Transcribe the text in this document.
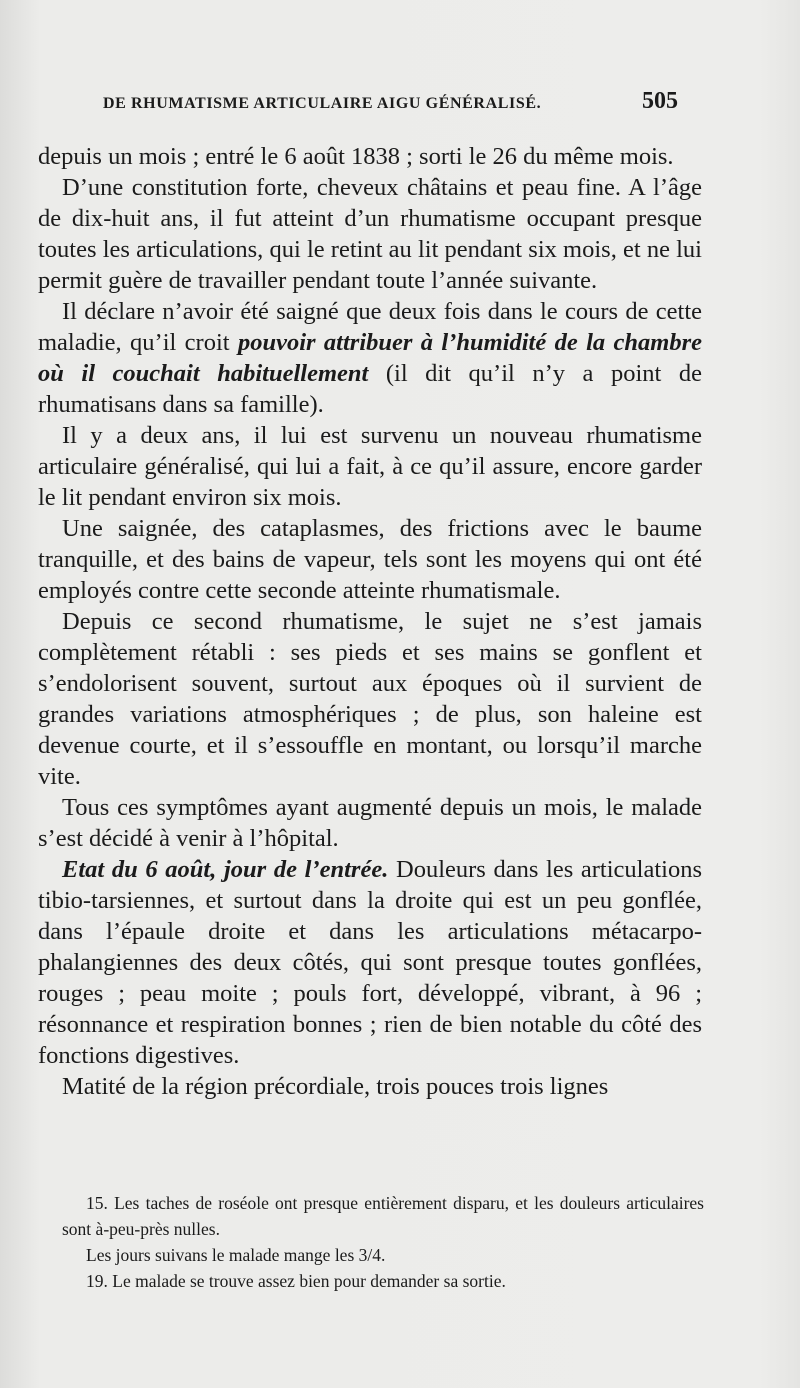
DE RHUMATISME ARTICULAIRE AIGU GÉNÉRALISÉ.	505

depuis un mois ; entré le 6 août 1838 ; sorti le 26 du même mois.

D’une constitution forte, cheveux châtains et peau fine. A l’âge de dix-huit ans, il fut atteint d’un rhumatisme occupant presque toutes les articulations, qui le retint au lit pendant six mois, et ne lui permit guère de travailler pendant toute l’année suivante.

Il déclare n’avoir été saigné que deux fois dans le cours de cette maladie, qu’il croit pouvoir attribuer à l’humidité de la chambre où il couchait habituellement (il dit qu’il n’y a point de rhumatisans dans sa famille).

Il y a deux ans, il lui est survenu un nouveau rhumatisme articulaire généralisé, qui lui a fait, à ce qu’il assure, encore garder le lit pendant environ six mois.

Une saignée, des cataplasmes, des frictions avec le baume tranquille, et des bains de vapeur, tels sont les moyens qui ont été employés contre cette seconde atteinte rhumatismale.

Depuis ce second rhumatisme, le sujet ne s’est jamais complètement rétabli : ses pieds et ses mains se gonflent et s’endolorisent souvent, surtout aux époques où il survient de grandes variations atmosphériques ; de plus, son haleine est devenue courte, et il s’essouffle en montant, ou lorsqu’il marche vite.

Tous ces symptômes ayant augmenté depuis un mois, le malade s’est décidé à venir à l’hôpital.

Etat du 6 août, jour de l’entrée. Douleurs dans les articulations tibio-tarsiennes, et surtout dans la droite qui est un peu gonflée, dans l’épaule droite et dans les articulations métacarpo-phalangiennes des deux côtés, qui sont presque toutes gonflées, rouges ; peau moite ; pouls fort, développé, vibrant, à 96 ; résonnance et respiration bonnes ; rien de bien notable du côté des fonctions digestives.

Matité de la région précordiale, trois pouces trois lignes

15. Les taches de roséole ont presque entièrement disparu, et les douleurs articulaires sont à-peu-près nulles.

Les jours suivans le malade mange les 3/4.

19. Le malade se trouve assez bien pour demander sa sortie.
